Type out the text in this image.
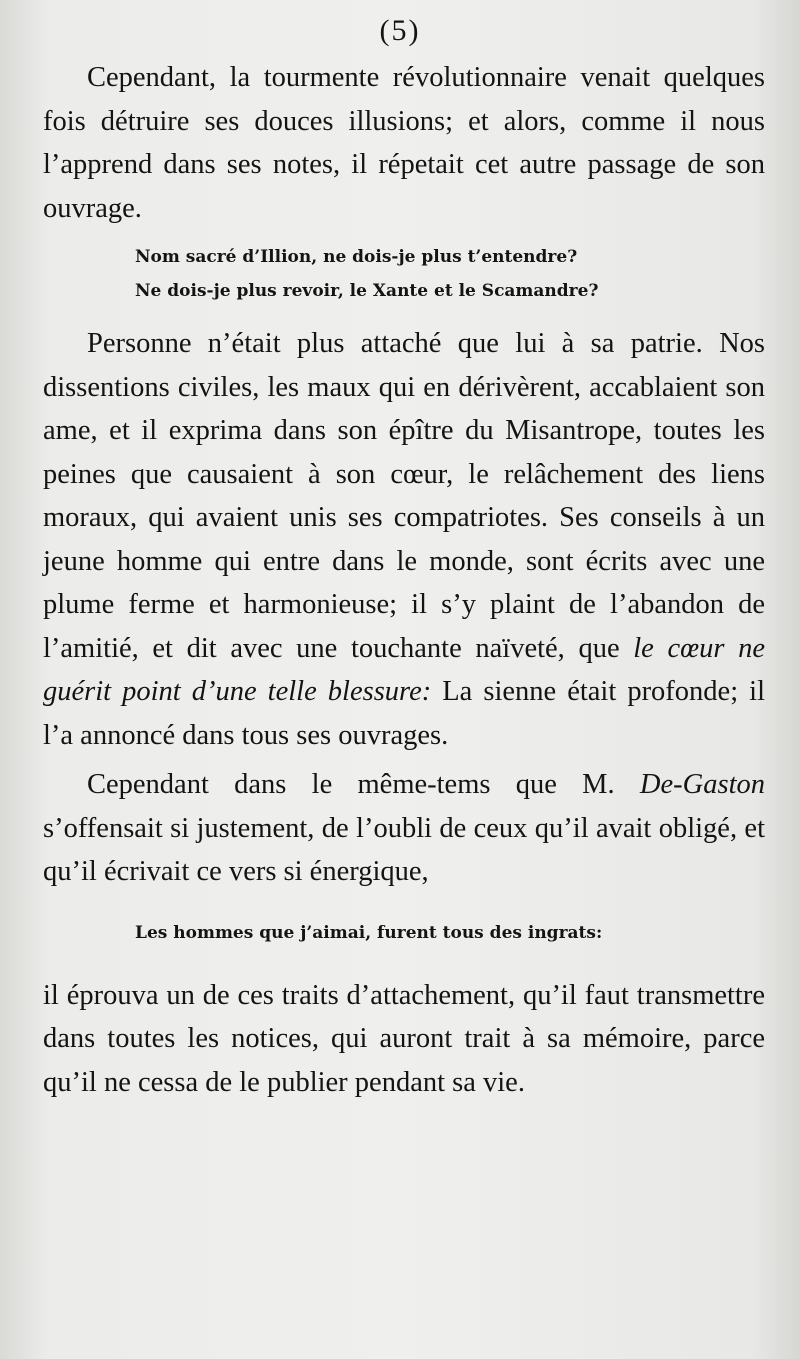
(5)

Cependant, la tourmente révolutionnaire venait quelques fois détruire ses douces illusions; et alors, comme il nous l’apprend dans ses notes, il répetait cet autre passage de son ouvrage.

Nom sacré d’Illion, ne dois-je plus t’entendre?
Ne dois-je plus revoir, le Xante et le Scamandre?

Personne n’était plus attaché que lui à sa patrie. Nos dissentions civiles, les maux qui en dérivèrent, accablaient son ame, et il exprima dans son épître du Misantrope, toutes les peines que causaient à son cœur, le relâchement des liens moraux, qui avaient unis ses compatriotes. Ses conseils à un jeune homme qui entre dans le monde, sont écrits avec une plume ferme et harmonieuse; il s’y plaint de l’abandon de l’amitié, et dit avec une touchante naïveté, que le cœur ne guérit point d’une telle blessure: La sienne était profonde; il l’a annoncé dans tous ses ouvrages.

Cependant dans le même-tems que M. De-Gaston s’offensait si justement, de l’oubli de ceux qu’il avait obligé, et qu’il écrivait ce vers si énergique,

Les hommes que j’aimai, furent tous des ingrats:

il éprouva un de ces traits d’attachement, qu’il faut transmettre dans toutes les notices, qui auront trait à sa mémoire, parce qu’il ne cessa de le publier pendant sa vie.
